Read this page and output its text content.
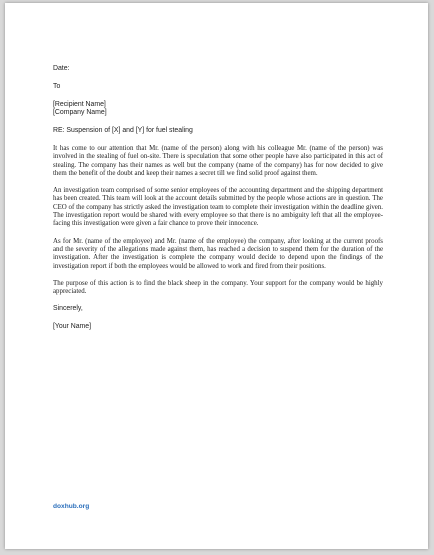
Date:

To

[Recipient Name]

[Company Name]

RE: Suspension of [X] and [Y] for fuel stealing

It has come to our attention that Mr. (name of the person) along with his colleague Mr. (name of the person) was involved in the stealing of fuel on-site. There is speculation that some other people have also participated in this act of stealing. The company has their names as well but the company (name of the company) has for now decided to give them the benefit of the doubt and keep their names a secret till we find solid proof against them.

An investigation team comprised of some senior employees of the accounting department and the shipping department has been created. This team will look at the account details submitted by the people whose actions are in question. The CEO of the company has strictly asked the investigation team to complete their investigation within the deadline given. The investigation report would be shared with every employee so that there is no ambiguity left that all the employee-facing this investigation were given a fair chance to prove their innocence.

As for Mr. (name of the employee) and Mr. (name of the employee) the company, after looking at the current proofs and the severity of the allegations made against them, has reached a decision to suspend them for the duration of the investigation. After the investigation is complete the company would decide to depend upon the findings of the investigation report if both the employees would be allowed to work and fired from their positions.

The purpose of this action is to find the black sheep in the company. Your support for the company would be highly appreciated.

Sincerely,

[Your Name]

doxhub.org
